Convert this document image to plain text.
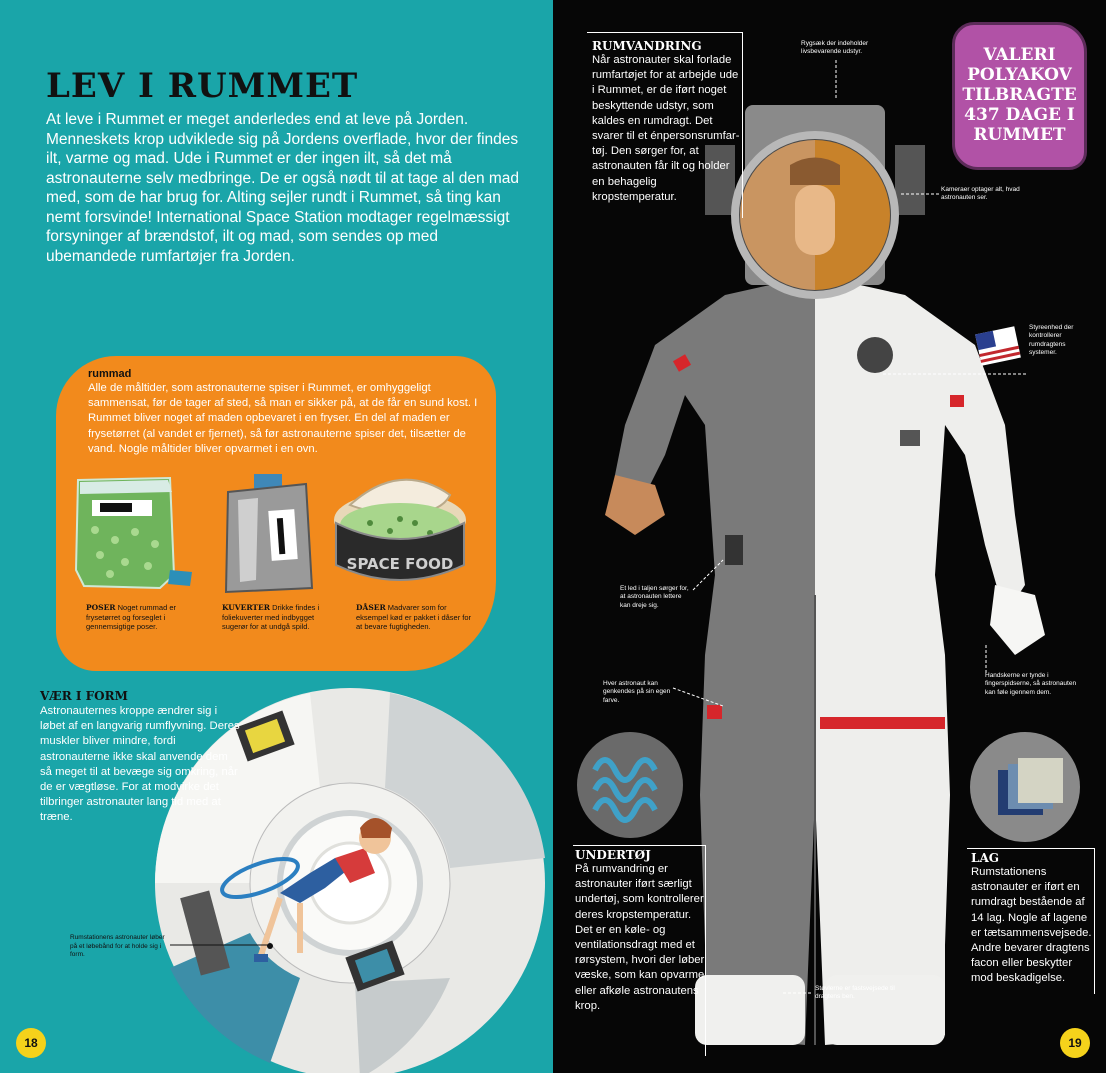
LEV I RUMMET
At leve i Rummet er meget anderledes end at leve på Jorden. Menneskets krop udviklede sig på Jordens overflade, hvor der findes ilt, varme og mad. Ude i Rummet er der ingen ilt, så det må astronauterne selv medbringe. De er også nødt til at tage al den mad med, som de har brug for. Alting sejler rundt i Rummet, så ting kan nemt forsvinde! International Space Station modtager regelmæssigt forsyninger af brændstof, ilt og mad, som sendes op med ubemandede rumfartøjer fra Jorden.
rummad
Alle de måltider, som astronauterne spiser i Rummet, er omhyggeligt sammensat, før de tager af sted, så man er sikker på, at de får en sund kost. I Rummet bliver noget af maden opbevaret i en fryser. En del af maden er frysetørret (al vandet er fjernet), så før astronauterne spiser det, tilsætter de vand. Nogle måltider bliver opvarmet i en ovn.
SPACE FOOD
POSER Noget rummad er frysetørret og forseglet i gennemsigtige poser.
KUVERTER Drikke findes i foliekuverter med indbygget sugerør for at undgå spild.
DÅSER Madvarer som for eksempel kød er pakket i dåser for at bevare fugtigheden.
VÆR I FORM
Astronauternes kroppe ændrer sig i løbet af en langvarig rumflyvning. Deres muskler bliver mindre, fordi astronauterne ikke skal anvende dem så meget til at bevæge sig omkring, når de er vægtløse. For at modvirke det tilbringer astronauter lang tid med at træne.
Rumstationens astronauter løber på et løbebånd for at holde sig i form.
18
VALERI POLYAKOV TILBRAGTE 437 DAGE I RUMMET
RUMVANDRING
Når astronauter skal forlade rumfartøjet for at arbejde ude i Rummet, er de iført noget beskyttende udstyr, som kaldes en rumdragt. Det svarer til et énpersonsrumfar- tøj. Den sørger for, at astronauten får ilt og holder en behagelig kropstemperatur.
UNDERTØJ
På rumvandring er astronauter iført særligt undertøj, som kontrollerer deres kropstemperatur. Det er en køle- og ventilationsdragt med et rørsystem, hvori der løber væske, som kan opvarme eller afkøle astronautens krop.
LAG
Rumstationens astronauter er iført en rumdragt bestående af 14 lag. Nogle af lagene er tætsammensvejsede. Andre bevarer dragtens facon eller beskytter mod beskadigelse.
Rygsæk der indeholder livsbevarende udstyr.
Kameraer optager alt, hvad astronauten ser.
Styreenhed der kontrollerer rumdragtens systemer.
Et led i taljen sørger for, at astronauten lettere kan dreje sig.
Hver astronaut kan genkendes på sin egen farve.
Handskerne er tynde i fingerspidserne, så astronauten kan føle igennem dem.
Støvlerne er fastsvejsede til dragtens ben.
19
